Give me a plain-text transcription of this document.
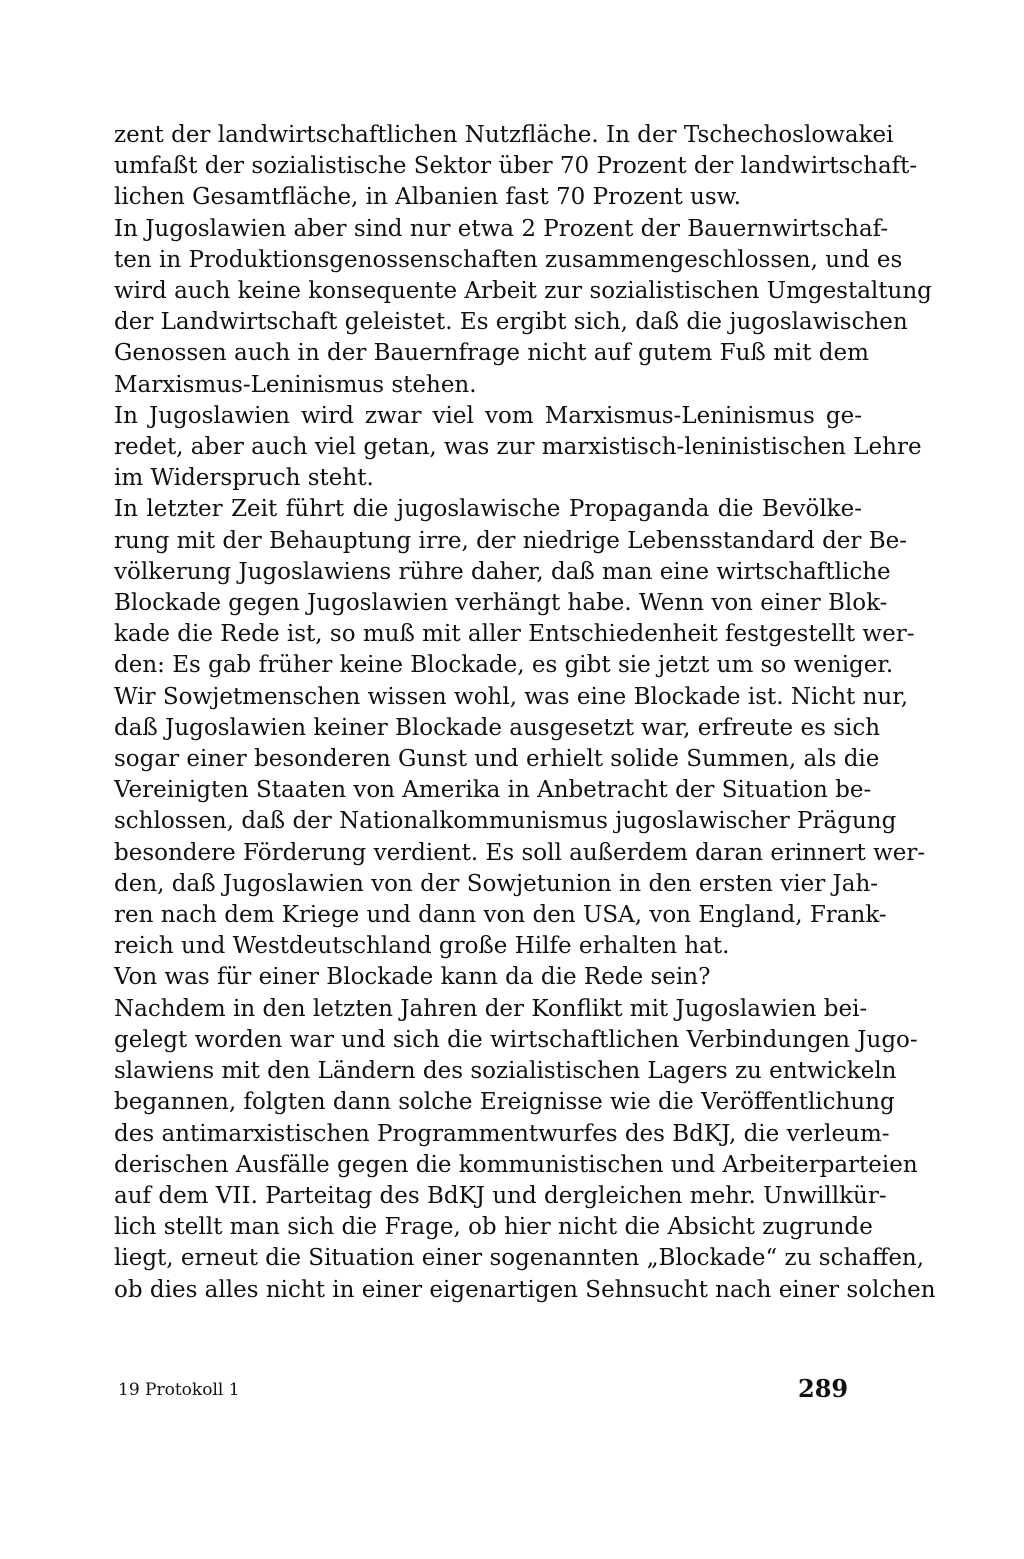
zent der landwirtschaftlichen Nutzfläche. In der Tschechoslowakei
umfaßt der sozialistische Sektor über 70 Prozent der landwirtschaft-
lichen Gesamtfläche, in Albanien fast 70 Prozent usw.
In Jugoslawien aber sind nur etwa 2 Prozent der Bauernwirtschaf-
ten in Produktionsgenossenschaften zusammengeschlossen, und es
wird auch keine konsequente Arbeit zur sozialistischen Umgestaltung
der Landwirtschaft geleistet. Es ergibt sich, daß die jugoslawischen
Genossen auch in der Bauernfrage nicht auf gutem Fuß mit dem
Marxismus-Leninismus stehen.
In Jugoslawien wird zwar viel vom Marxismus-Leninismus ge-
redet, aber auch viel getan, was zur marxistisch-leninistischen Lehre
im Widerspruch steht.
In letzter Zeit führt die jugoslawische Propaganda die Bevölke-
rung mit der Behauptung irre, der niedrige Lebensstandard der Be-
völkerung Jugoslawiens rühre daher, daß man eine wirtschaftliche
Blockade gegen Jugoslawien verhängt habe. Wenn von einer Blok-
kade die Rede ist, so muß mit aller Entschiedenheit festgestellt wer-
den: Es gab früher keine Blockade, es gibt sie jetzt um so weniger.
Wir Sowjetmenschen wissen wohl, was eine Blockade ist. Nicht nur,
daß Jugoslawien keiner Blockade ausgesetzt war, erfreute es sich
sogar einer besonderen Gunst und erhielt solide Summen, als die
Vereinigten Staaten von Amerika in Anbetracht der Situation be-
schlossen, daß der Nationalkommunismus jugoslawischer Prägung
besondere Förderung verdient. Es soll außerdem daran erinnert wer-
den, daß Jugoslawien von der Sowjetunion in den ersten vier Jah-
ren nach dem Kriege und dann von den USA, von England, Frank-
reich und Westdeutschland große Hilfe erhalten hat.
Von was für einer Blockade kann da die Rede sein?
Nachdem in den letzten Jahren der Konflikt mit Jugoslawien bei-
gelegt worden war und sich die wirtschaftlichen Verbindungen Jugo-
slawiens mit den Ländern des sozialistischen Lagers zu entwickeln
begannen, folgten dann solche Ereignisse wie die Veröffentlichung
des antimarxistischen Programmentwurfes des BdKJ, die verleum-
derischen Ausfälle gegen die kommunistischen und Arbeiterparteien
auf dem VII. Parteitag des BdKJ und dergleichen mehr. Unwillkür-
lich stellt man sich die Frage, ob hier nicht die Absicht zugrunde
liegt, erneut die Situation einer sogenannten „Blockade“ zu schaffen,
ob dies alles nicht in einer eigenartigen Sehnsucht nach einer solchen
19 Protokoll 1	289
